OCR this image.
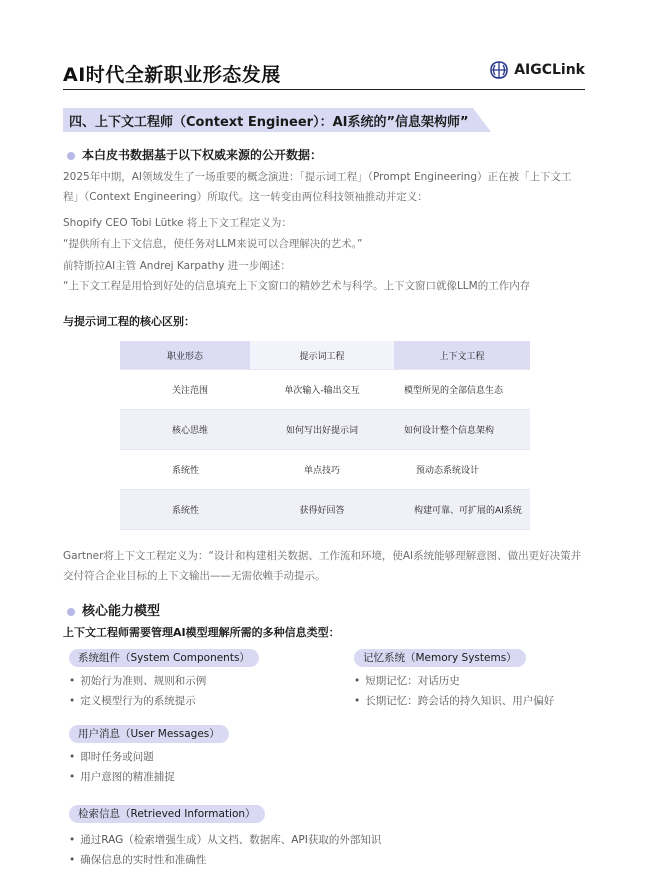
AI时代全新职业形态发展	AIGCLink
四、上下文工程师（Context Engineer）：AI系统的”信息架构师”
本白皮书数据基于以下权威来源的公开数据：
2025年中期，AI领域发生了一场重要的概念演进：「提示词工程」（Prompt Engineering）正在被「上下文工程」（Context Engineering）所取代。这一转变由两位科技领袖推动并定义：
Shopify CEO Tobi Lütke 将上下文工程定义为：
“提供所有上下文信息，使任务对LLM来说可以合理解决的艺术。”
前特斯拉AI主管 Andrej Karpathy 进一步阐述：
“上下文工程是用恰到好处的信息填充上下文窗口的精妙艺术与科学。上下文窗口就像LLM的工作内存
与提示词工程的核心区别：
职业形态	提示词工程	上下文工程
关注范围	单次输入-输出交互	模型所见的全部信息生态
核心思维	如何写出好提示词	如何设计整个信息架构
系统性	单点技巧	预动态系统设计
系统性	获得好回答	构建可靠、可扩展的AI系统
Gartner将上下文工程定义为：“设计和构建相关数据、工作流和环境，使AI系统能够理解意图、做出更好决策并交付符合企业目标的上下文输出——无需依赖手动提示。
核心能力模型
上下文工程师需要管理AI模型理解所需的多种信息类型：
系统组件（System Components）
• 初始行为准则、规则和示例
• 定义模型行为的系统提示
记忆系统（Memory Systems）
• 短期记忆：对话历史
• 长期记忆：跨会话的持久知识、用户偏好
用户消息（User Messages）
• 即时任务或问题
• 用户意图的精准捕捉
检索信息（Retrieved Information）
• 通过RAG（检索增强生成）从文档、数据库、API获取的外部知识
• 确保信息的实时性和准确性
